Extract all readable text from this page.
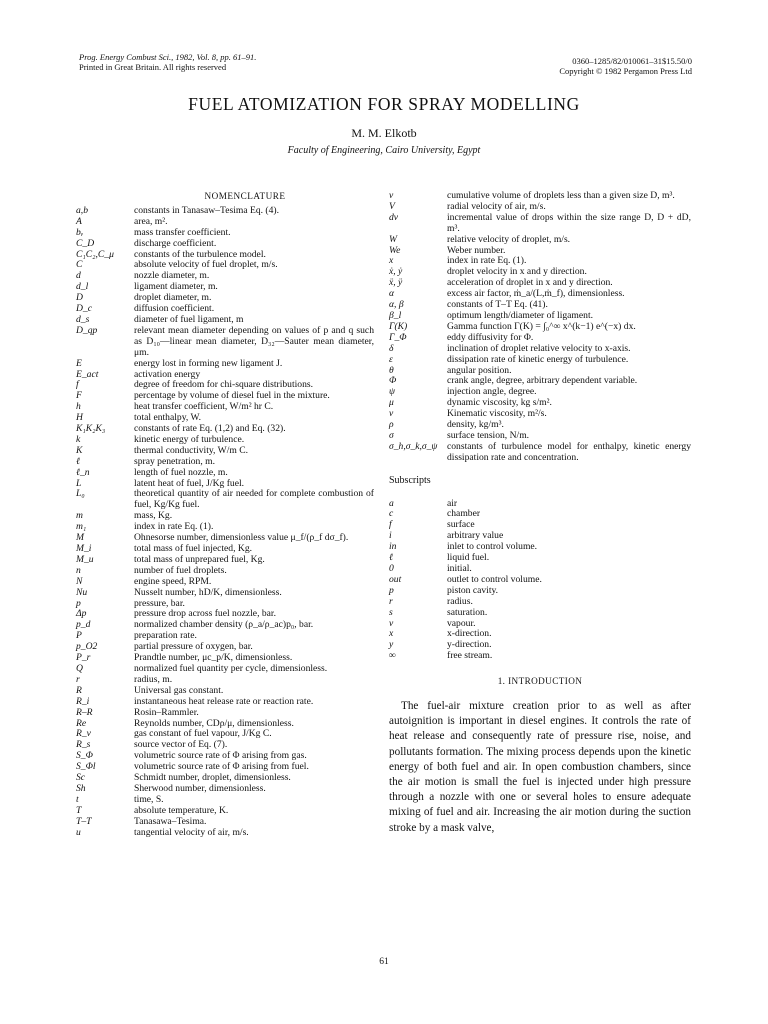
Prog. Energy Combust Sci., 1982, Vol. 8, pp. 61–91.
Printed in Great Britain. All rights reserved
0360–1285/82/010061–31$15.50/0
Copyright © 1982 Pergamon Press Ltd
FUEL ATOMIZATION FOR SPRAY MODELLING
M. M. Elkotb
Faculty of Engineering, Cairo University, Egypt
NOMENCLATURE
a,b	constants in Tanasaw–Tesima Eq. (4).
A	area, m².
bᵥ	mass transfer coefficient.
C_D	discharge coefficient.
C₁C₂,C_μ	constants of the turbulence model.
C	absolute velocity of fuel droplet, m/s.
d	nozzle diameter, m.
d_l	ligament diameter, m.
D	droplet diameter, m.
D_c	diffusion coefficient.
d_s	diameter of fuel ligament, m
D_qp	relevant mean diameter depending on values of p and q such as D₁₀—linear mean diameter, D₃₂—Sauter mean diameter, μm.
E	energy lost in forming new ligament J.
E_act	activation energy
f	degree of freedom for chi-square distributions.
F	percentage by volume of diesel fuel in the mixture.
h	heat transfer coefficient, W/m² hr C.
H	total enthalpy, W.
K₁K₂K₃	constants of rate Eq. (1,2) and Eq. (32).
k	kinetic energy of turbulence.
K	thermal conductivity, W/m C.
ℓ	spray penetration, m.
ℓ_n	length of fuel nozzle, m.
L	latent heat of fuel, J/Kg fuel.
L₀	theoretical quantity of air needed for complete combustion of fuel, Kg/Kg fuel.
m	mass, Kg.
m₁	index in rate Eq. (1).
M	Ohnesorse number, dimensionless value μ_f/(ρ_f dσ_f).
M_i	total mass of fuel injected, Kg.
M_u	total mass of unprepared fuel, Kg.
n	number of fuel droplets.
N	engine speed, RPM.
Nu	Nusselt number, hD/K, dimensionless.
p	pressure, bar.
Δp	pressure drop across fuel nozzle, bar.
p_d	normalized chamber density (ρ_a/ρ_ac)p₀, bar.
P	preparation rate.
p_O2	partial pressure of oxygen, bar.
P_r	Prandtle number, μc_p/K, dimensionless.
Q	normalized fuel quantity per cycle, dimensionless.
r	radius, m.
R	Universal gas constant.
R_i	instantaneous heat release rate or reaction rate.
R–R	Rosin–Rammler.
Re	Reynolds number, CDρ/μ, dimensionless.
R_v	gas constant of fuel vapour, J/Kg C.
R_s	source vector of Eq. (7).
S_Φ	volumetric source rate of Φ arising from gas.
S_Φl	volumetric source rate of Φ arising from fuel.
Sc	Schmidt number, droplet, dimensionless.
Sh	Sherwood number, dimensionless.
t	time, S.
T	absolute temperature, K.
T–T	Tanasawa–Tesima.
u	tangential velocity of air, m/s.
v	cumulative volume of droplets less than a given size D, m³.
V	radial velocity of air, m/s.
dv	incremental value of drops within the size range D, D + dD, m³.
W	relative velocity of droplet, m/s.
We	Weber number.
x	index in rate Eq. (1).
ẋ, ẏ	droplet velocity in x and y direction.
ẍ, ÿ	acceleration of droplet in x and y direction.
α	excess air factor, ṁ_a/(L,ṁ_f), dimensionless.
α, β	constants of T–T Eq. (41).
β_l	optimum length/diameter of ligament.
Γ(K)	Gamma function Γ(K) = ∫₀^∞ x^(k−1) e^(−x) dx.
Γ_Φ	eddy diffusivity for Φ.
δ	inclination of droplet relative velocity to x-axis.
ε	dissipation rate of kinetic energy of turbulence.
θ	angular position.
Φ	crank angle, degree, arbitrary dependent variable.
ψ	injection angle, degree.
μ	dynamic viscosity, kg s/m².
ν	Kinematic viscosity, m²/s.
ρ	density, kg/m³.
σ	surface tension, N/m.
σ_h,σ_k,σ_ψ constants of turbulence model for enthalpy, kinetic energy dissipation rate and concentration.
Subscripts
a	air
c	chamber
f	surface
i	arbitrary value
in	inlet to control volume.
ℓ	liquid fuel.
0	initial.
out	outlet to control volume.
p	piston cavity.
r	radius.
s	saturation.
v	vapour.
x	x-direction.
y	y-direction.
∞	free stream.
1. INTRODUCTION

The fuel-air mixture creation prior to as well as after autoignition is important in diesel engines. It controls the rate of heat release and consequently rate of pressure rise, noise, and pollutants formation. The mixing process depends upon the kinetic energy of both fuel and air. In open combustion chambers, since the air motion is small the fuel is injected under high pressure through a nozzle with one or several holes to ensure adequate mixing of fuel and air. Increasing the air motion during the suction stroke by a mask valve,

61
